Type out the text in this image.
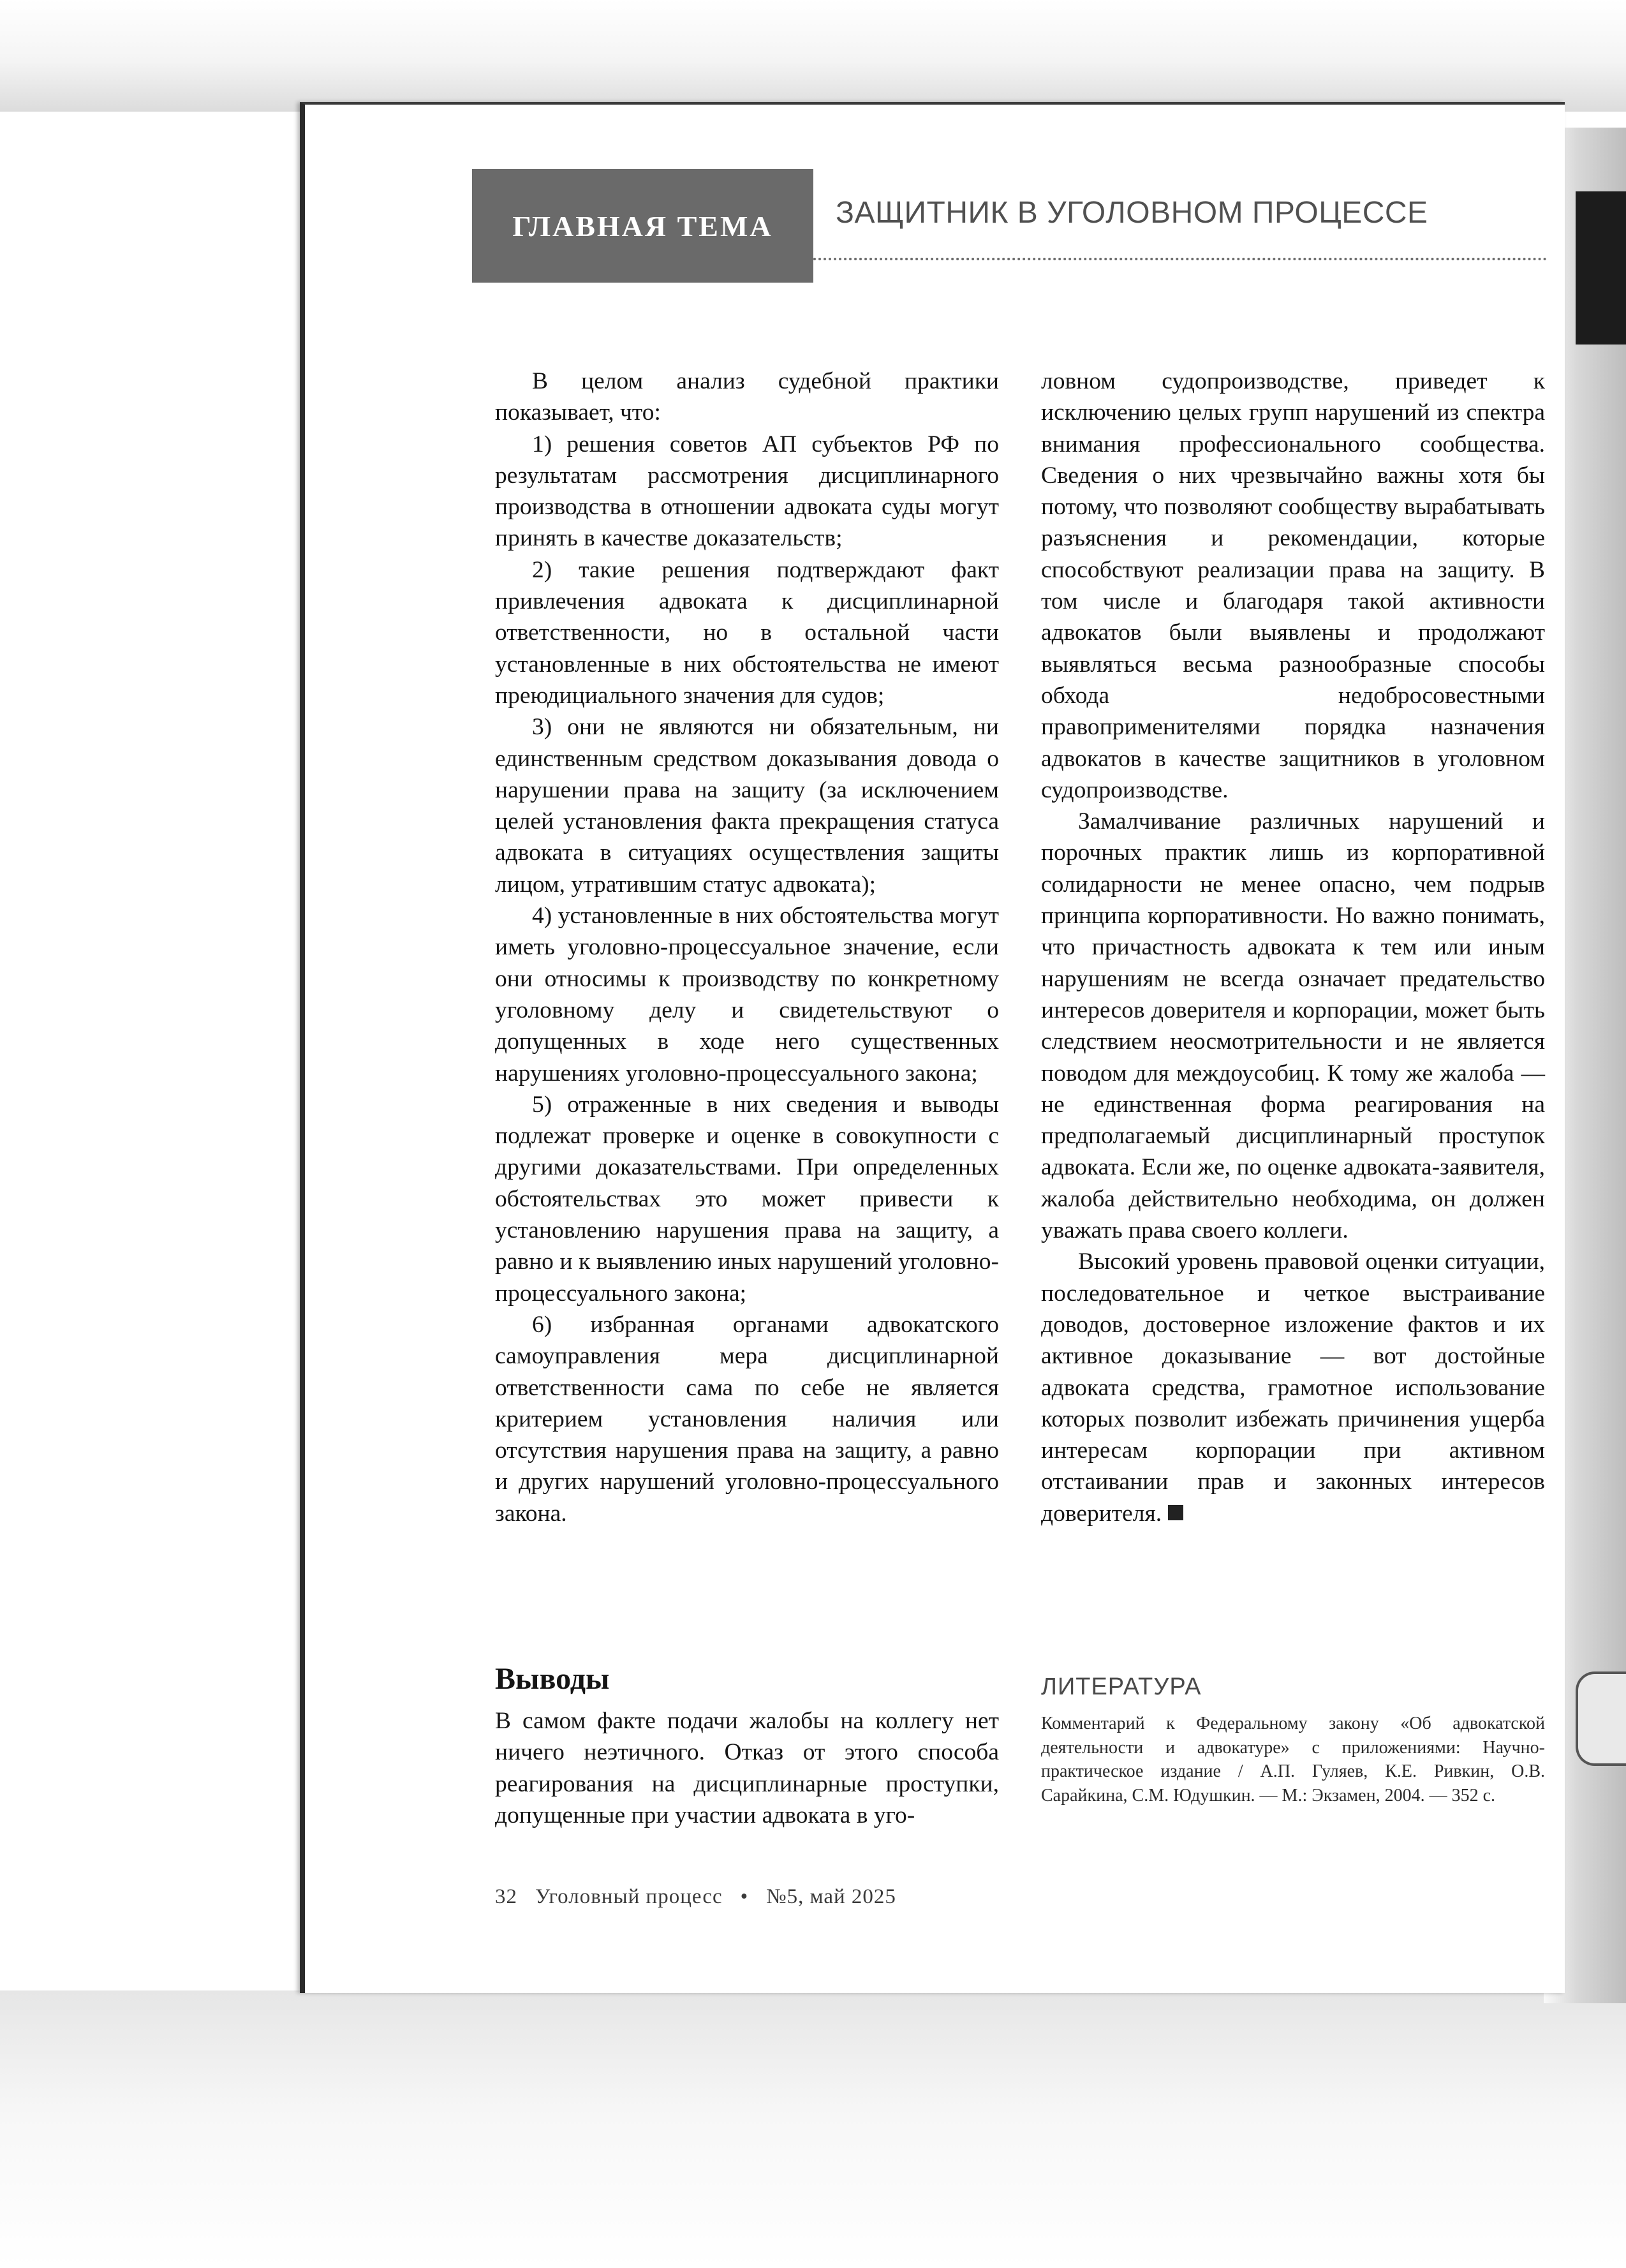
ГЛАВНАЯ ТЕМА	ЗАЩИТНИК В УГОЛОВНОМ ПРОЦЕССЕ

В целом анализ судебной практики показывает, что:

1) решения советов АП субъектов РФ по результатам рассмотрения дисциплинарного производства в отношении адвоката суды могут принять в качестве доказательств;

2) такие решения подтверждают факт привлечения адвоката к дисциплинарной ответственности, но в остальной части установленные в них обстоятельства не имеют преюдициального значения для судов;

3) они не являются ни обязательным, ни единственным средством доказывания довода о нарушении права на защиту (за исключением целей установления факта прекращения статуса адвоката в ситуациях осуществления защиты лицом, утратившим статус адвоката);

4) установленные в них обстоятельства могут иметь уголовно-процессуальное значение, если они относимы к производству по конкретному уголовному делу и свидетельствуют о допущенных в ходе него существенных нарушениях уголовно-процессуального закона;

5) отраженные в них сведения и выводы подлежат проверке и оценке в совокупности с другими доказательствами. При определенных обстоятельствах это может привести к установлению нарушения права на защиту, а равно и к выявлению иных нарушений уголовно-процессуального закона;

6) избранная органами адвокатского самоуправления мера дисциплинарной ответственности сама по себе не является критерием установления наличия или отсутствия нарушения права на защиту, а равно и других нарушений уголовно-процессуального закона.

Выводы

В самом факте подачи жалобы на коллегу нет ничего неэтичного. Отказ от этого способа реагирования на дисциплинарные проступки, допущенные при участии адвоката в уго-

ловном судопроизводстве, приведет к исключению целых групп нарушений из спектра внимания профессионального сообщества. Сведения о них чрезвычайно важны хотя бы потому, что позволяют сообществу вырабатывать разъяснения и рекомендации, которые способствуют реализации права на защиту. В том числе и благодаря такой активности адвокатов были выявлены и продолжают выявляться весьма разнообразные способы обхода недобросовестными правоприменителями порядка назначения адвокатов в качестве защитников в уголовном судопроизводстве.

Замалчивание различных нарушений и порочных практик лишь из корпоративной солидарности не менее опасно, чем подрыв принципа корпоративности. Но важно понимать, что причастность адвоката к тем или иным нарушениям не всегда означает предательство интересов доверителя и корпорации, может быть следствием неосмотрительности и не является поводом для междоусобиц. К тому же жалоба — не единственная форма реагирования на предполагаемый дисциплинарный проступок адвоката. Если же, по оценке адвоката-заявителя, жалоба действительно необходима, он должен уважать права своего коллеги.

Высокий уровень правовой оценки ситуации, последовательное и четкое выстраивание доводов, достоверное изложение фактов и их активное доказывание — вот достойные адвоката средства, грамотное использование которых позволит избежать причинения ущерба интересам корпорации при активном отстаивании прав и законных интересов доверителя.

ЛИТЕРАТУРА
Комментарий к Федеральному закону «Об адвокатской деятельности и адвокатуре» с приложениями: Научно-практическое издание / А.П. Гуляев, К.Е. Ривкин, О.В. Сарайкина, С.М. Юдушкин. — М.: Экзамен, 2004. — 352 с.
32 Уголовный процесс • №5, май 2025
